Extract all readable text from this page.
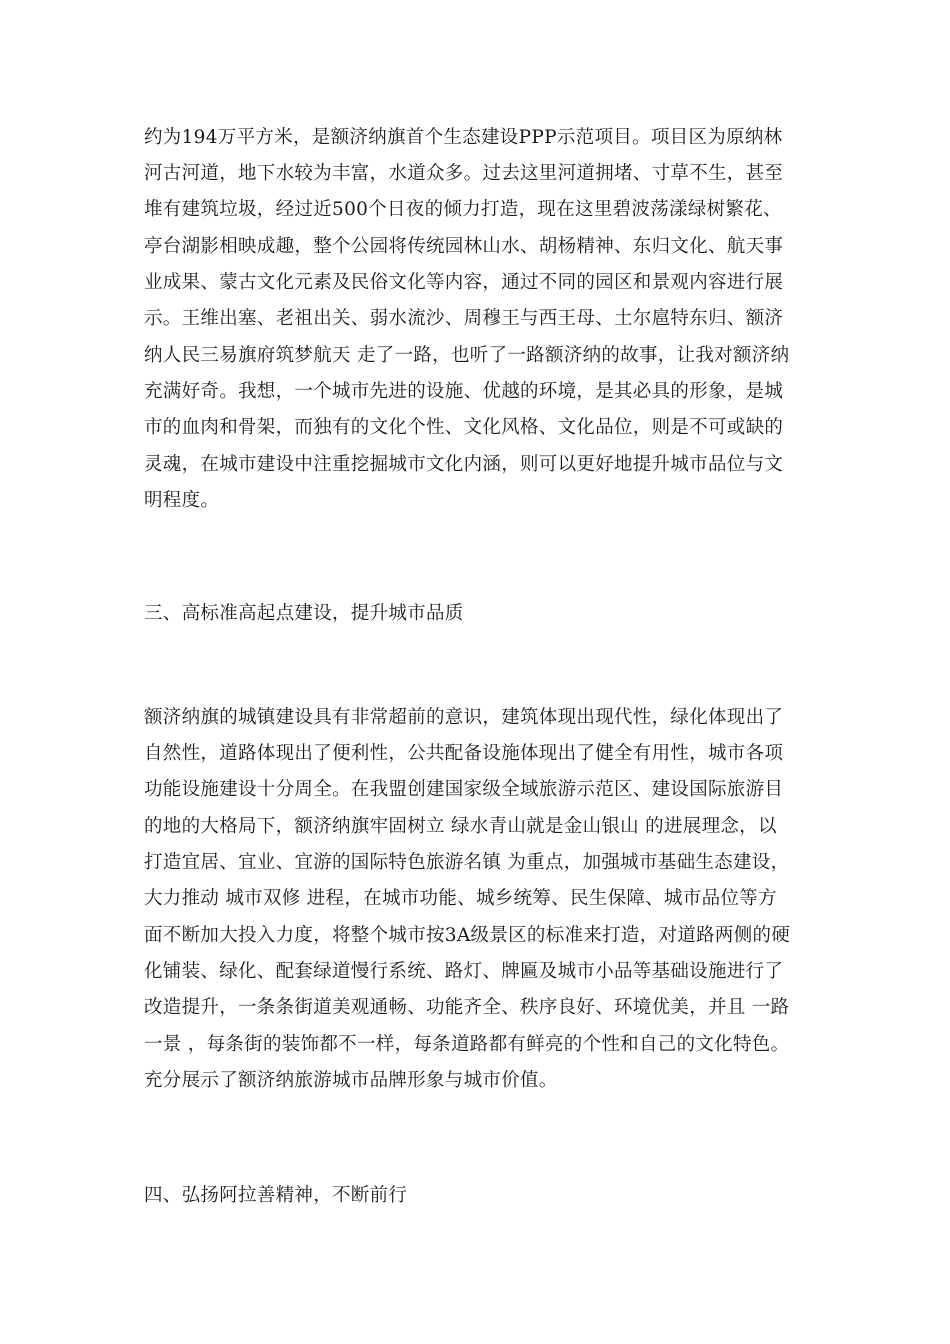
约为194万平方米，是额济纳旗首个生态建设PPP示范项目。项目区为原纳林
河古河道，地下水较为丰富，水道众多。过去这里河道拥堵、寸草不生，甚至
堆有建筑垃圾，经过近500个日夜的倾力打造，现在这里碧波荡漾绿树繁花、
亭台湖影相映成趣，整个公园将传统园林山水、胡杨精神、东归文化、航天事
业成果、蒙古文化元素及民俗文化等内容，通过不同的园区和景观内容进行展
示。王维出塞、老祖出关、弱水流沙、周穆王与西王母、土尔扈特东归、额济
纳人民三易旗府筑梦航天 走了一路，也听了一路额济纳的故事，让我对额济纳
充满好奇。我想，一个城市先进的设施、优越的环境，是其必具的形象，是城
市的血肉和骨架，而独有的文化个性、文化风格、文化品位，则是不可或缺的
灵魂，在城市建设中注重挖掘城市文化内涵，则可以更好地提升城市品位与文
明程度。
三、高标准高起点建设，提升城市品质
额济纳旗的城镇建设具有非常超前的意识，建筑体现出现代性，绿化体现出了
自然性，道路体现出了便利性，公共配备设施体现出了健全有用性，城市各项
功能设施建设十分周全。在我盟创建国家级全域旅游示范区、建设国际旅游目
的地的大格局下，额济纳旗牢固树立 绿水青山就是金山银山 的进展理念，以
打造宜居、宜业、宜游的国际特色旅游名镇 为重点，加强城市基础生态建设，
大力推动 城市双修 进程，在城市功能、城乡统筹、民生保障、城市品位等方
面不断加大投入力度，将整个城市按3A级景区的标准来打造，对道路两侧的硬
化铺装、绿化、配套绿道慢行系统、路灯、牌匾及城市小品等基础设施进行了
改造提升，一条条街道美观通畅、功能齐全、秩序良好、环境优美，并且 一路
一景 ，每条街的装饰都不一样，每条道路都有鲜亮的个性和自己的文化特色。
充分展示了额济纳旅游城市品牌形象与城市价值。
四、弘扬阿拉善精神，不断前行
